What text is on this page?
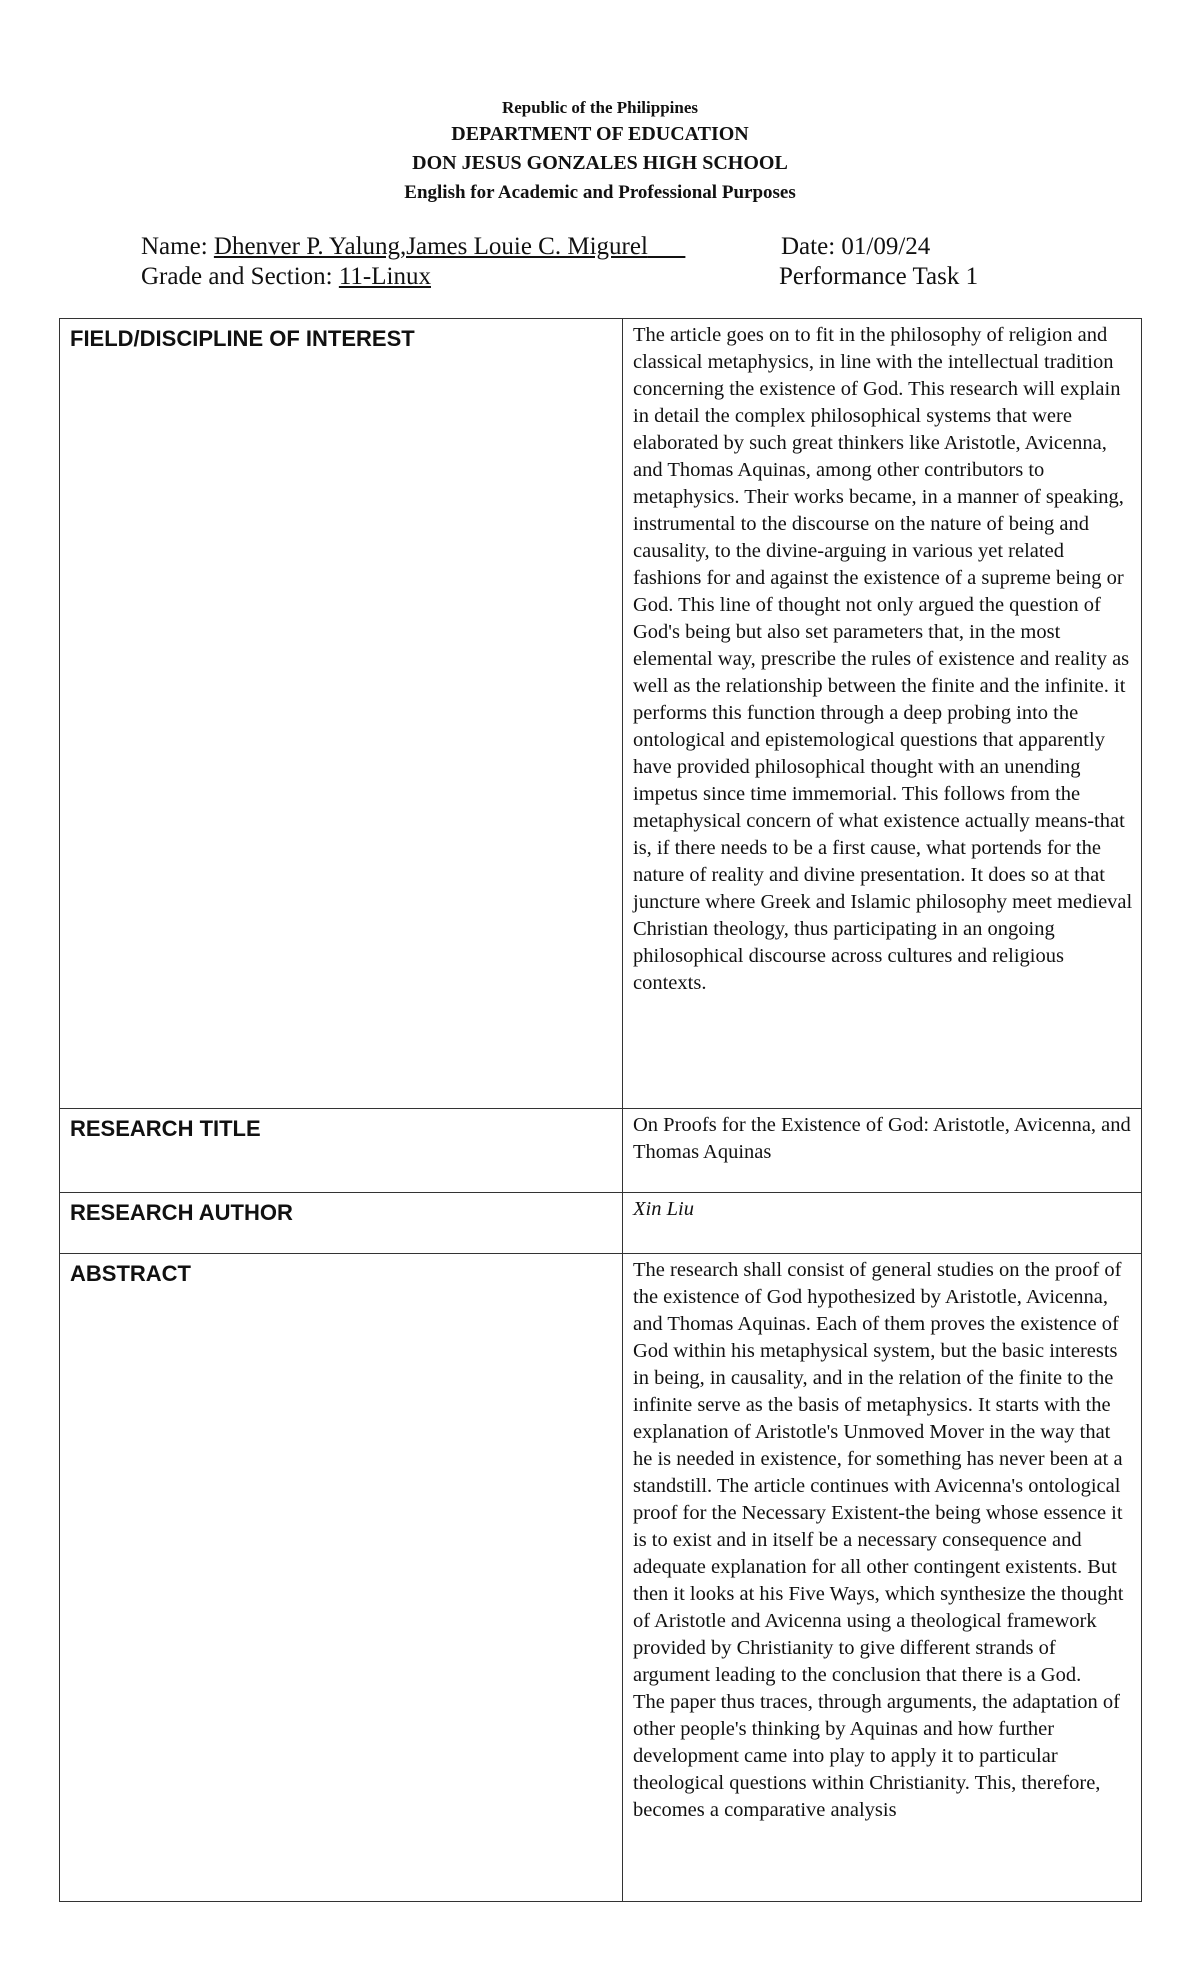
Republic of the Philippines
DEPARTMENT OF EDUCATION
DON JESUS GONZALES HIGH SCHOOL
English for Academic and Professional Purposes
Name: Dhenver P. Yalung,James Louie C. Migurel	Date: 01/09/24
Grade and Section: 11-Linux	Performance Task 1
FIELD/DISCIPLINE OF INTEREST	The article goes on to fit in the philosophy of religion and classical metaphysics, in line with the intellectual tradition concerning the existence of God. This research will explain in detail the complex philosophical systems that were elaborated by such great thinkers like Aristotle, Avicenna, and Thomas Aquinas, among other contributors to metaphysics. Their works became, in a manner of speaking, instrumental to the discourse on the nature of being and causality, to the divine-arguing in various yet related fashions for and against the existence of a supreme being or God. This line of thought not only argued the question of God's being but also set parameters that, in the most elemental way, prescribe the rules of existence and reality as well as the relationship between the finite and the infinite. it performs this function through a deep probing into the ontological and epistemological questions that apparently have provided philosophical thought with an unending impetus since time immemorial. This follows from the metaphysical concern of what existence actually means-that is, if there needs to be a first cause, what portends for the nature of reality and divine presentation. It does so at that juncture where Greek and Islamic philosophy meet medieval Christian theology, thus participating in an ongoing philosophical discourse across cultures and religious contexts.
RESEARCH TITLE	On Proofs for the Existence of God: Aristotle, Avicenna, and Thomas Aquinas
RESEARCH AUTHOR	Xin Liu
ABSTRACT	The research shall consist of general studies on the proof of the existence of God hypothesized by Aristotle, Avicenna, and Thomas Aquinas. Each of them proves the existence of God within his metaphysical system, but the basic interests in being, in causality, and in the relation of the finite to the infinite serve as the basis of metaphysics. It starts with the explanation of Aristotle's Unmoved Mover in the way that he is needed in existence, for something has never been at a standstill. The article continues with Avicenna's ontological proof for the Necessary Existent-the being whose essence it is to exist and in itself be a necessary consequence and adequate explanation for all other contingent existents. But then it looks at his Five Ways, which synthesize the thought of Aristotle and Avicenna using a theological framework provided by Christianity to give different strands of argument leading to the conclusion that there is a God.
The paper thus traces, through arguments, the adaptation of other people's thinking by Aquinas and how further development came into play to apply it to particular theological questions within Christianity. This, therefore, becomes a comparative analysis
